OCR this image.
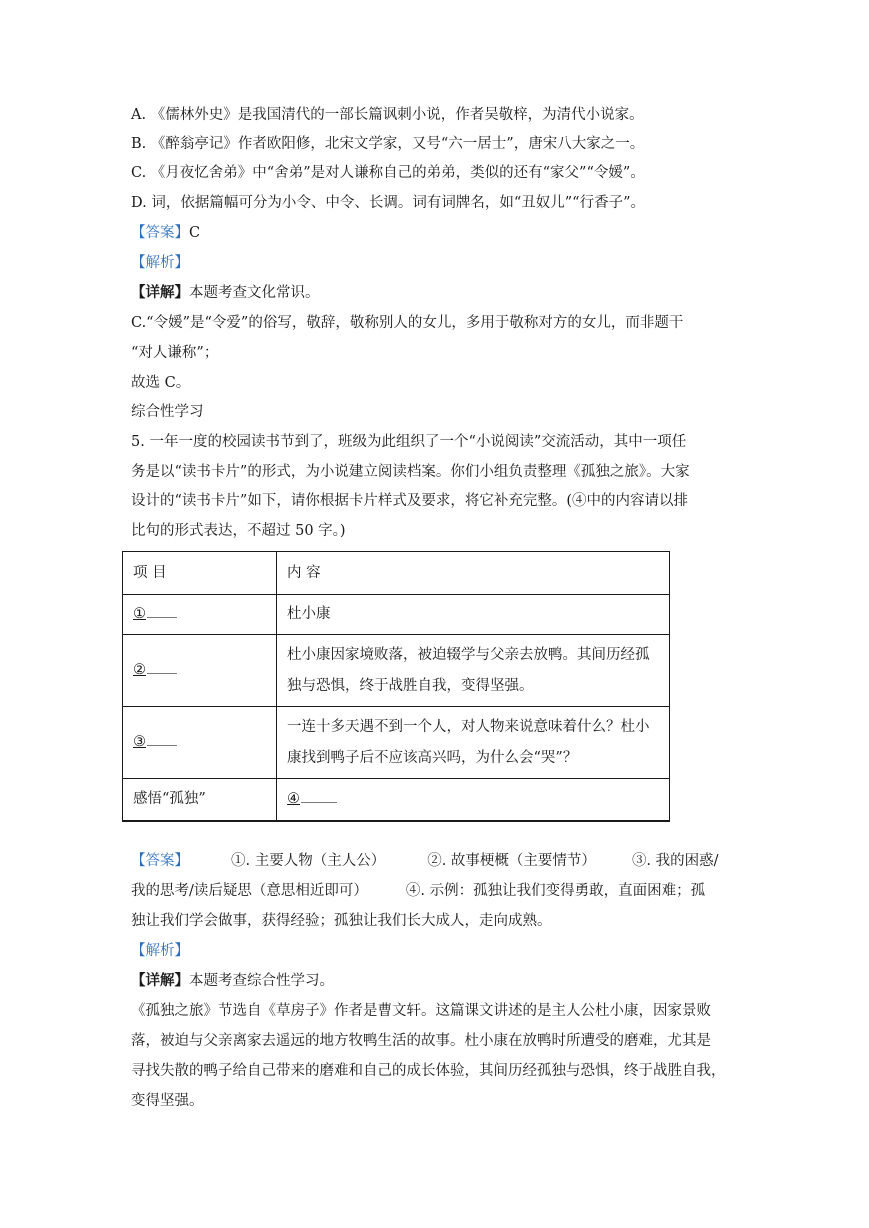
A. 《儒林外史》是我国清代的一部长篇讽刺小说，作者吴敬梓，为清代小说家。
B. 《醉翁亭记》作者欧阳修，北宋文学家，又号“六一居士”，唐宋八大家之一。
C. 《月夜忆舍弟》中“舍弟”是对人谦称自己的弟弟，类似的还有“家父”“令媛”。
D. 词，依据篇幅可分为小令、中令、长调。词有词牌名，如“丑奴儿”“行香子”。
【答案】C
【解析】
【详解】本题考查文化常识。
C.“令媛”是“令爱”的俗写，敬辞，敬称别人的女儿，多用于敬称对方的女儿，而非题干
“对人谦称”；
故选 C。
综合性学习
5. 一年一度的校园读书节到了，班级为此组织了一个“小说阅读”交流活动，其中一项任
务是以“读书卡片”的形式，为小说建立阅读档案。你们小组负责整理《孤独之旅》。大家
设计的“读书卡片”如下，请你根据卡片样式及要求，将它补充完整。(④中的内容请以排
比句的形式表达，不超过 50 字。)
项 目	内 容
①	杜小康
②	杜小康因家境败落，被迫辍学与父亲去放鸭。其间历经孤
独与恐惧，终于战胜自我，变得坚强。

③	一连十多天遇不到一个人，对人物来说意味着什么？杜小
康找到鸭子后不应该高兴吗，为什么会“哭”？

感悟“孤独”	④
【答案】	①. 主要人物（主人公）	②. 故事梗概（主要情节） ③. 我的困惑/
我的思考/读后疑思（意思相近即可）	④. 示例：孤独让我们变得勇敢，直面困难；孤
独让我们学会做事，获得经验；孤独让我们长大成人，走向成熟。
【解析】
【详解】本题考查综合性学习。
《孤独之旅》节选自《草房子》作者是曹文轩。这篇课文讲述的是主人公杜小康，因家景败
落，被迫与父亲离家去遥远的地方牧鸭生活的故事。杜小康在放鸭时所遭受的磨难，尤其是
寻找失散的鸭子给自己带来的磨难和自己的成长体验，其间历经孤独与恐惧，终于战胜自我，
变得坚强。
